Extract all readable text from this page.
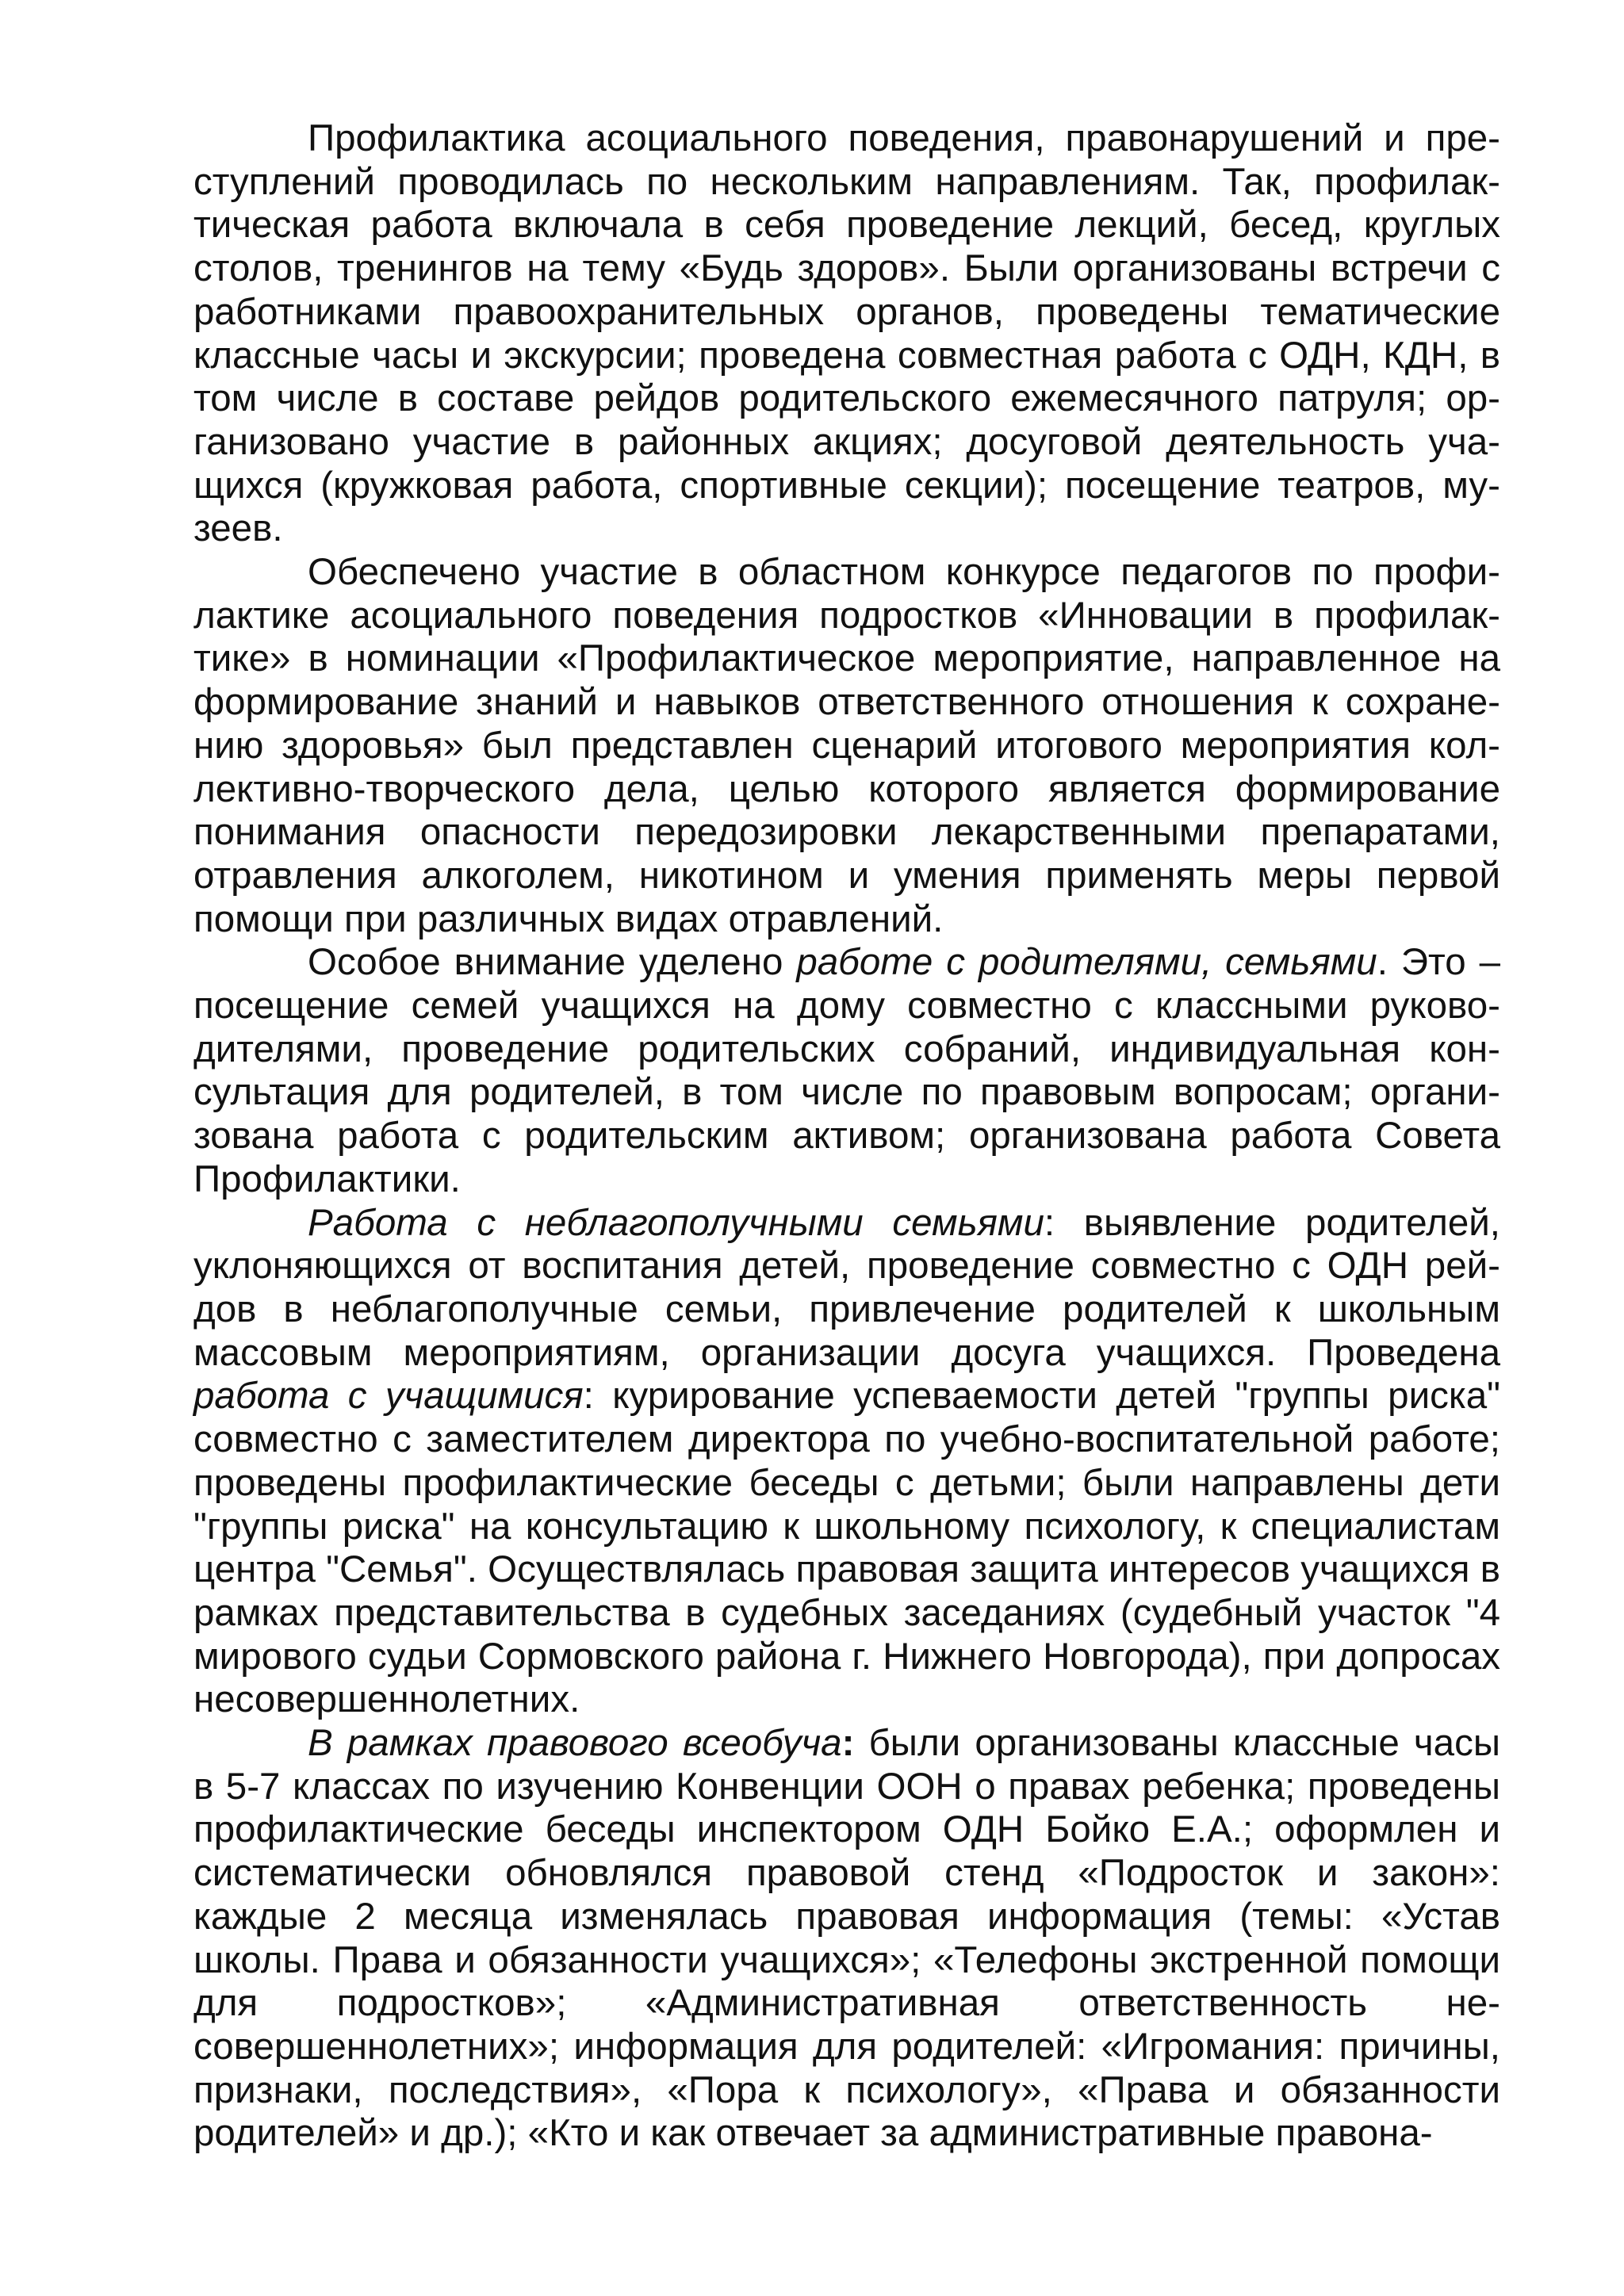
Профилактика асоциального поведения, правонарушений и преступлений проводилась по нескольким направлениям. Так, профилактическая работа включала в себя проведение лекций, бесед, круглых столов, тренингов на тему «Будь здоров». Были организованы встречи с работниками правоохранительных органов, проведены тематические классные часы и экскурсии; проведена совместная работа с ОДН, КДН, в том числе в составе рейдов родительского ежемесячного патруля; организовано участие в районных акциях; досуговой деятельность учащихся (кружковая работа, спортивные секции); посещение театров, музеев.

Обеспечено участие в областном конкурсе педагогов по профилактике асоциального поведения подростков «Инновации в профилактике» в номинации «Профилактическое мероприятие, направленное на формирование знаний и навыков ответственного отношения к сохранению здоровья» был представлен сценарий итогового мероприятия коллективно-творческого дела, целью которого является формирование понимания опасности передозировки лекарственными препаратами, отравления алкоголем, никотином и умения применять меры первой помощи при различных видах отравлений.

Особое внимание уделено работе с родителями, семьями. Это – посещение семей учащихся на дому совместно с классными руководителями, проведение родительских собраний, индивидуальная консультация для родителей, в том числе по правовым вопросам; организована работа с родительским активом; организована работа Совета Профилактики.

Работа с неблагополучными семьями: выявление родителей, уклоняющихся от воспитания детей, проведение совместно с ОДН рейдов в неблагополучные семьи, привлечение родителей к школьным массовым мероприятиям, организации досуга учащихся. Проведена работа с учащимися: курирование успеваемости детей "группы риска" совместно с заместителем директора по учебно-воспитательной работе; проведены профилактические беседы с детьми; были направлены дети "группы риска" на консультацию к школьному психологу, к специалистам центра "Семья". Осуществлялась правовая защита интересов учащихся в рамках представительства в судебных заседаниях (судебный участок "4 мирового судьи Сормовского района г. Нижнего Новгорода), при допросах несовершеннолетних.

В рамках правового всеобуча: были организованы классные часы в 5-7 классах по изучению Конвенции ООН о правах ребенка; проведены профилактические беседы инспектором ОДН Бойко Е.А.; оформлен и систематически обновлялся правовой стенд «Подросток и закон»: каждые 2 месяца изменялась правовая информация (темы: «Устав школы. Права и обязанности учащихся»; «Телефоны экстренной помощи для подростков»; «Административная ответственность несовершеннолетних»; информация для родителей: «Игромания: причины, признаки, последствия», «Пора к психологу», «Права и обязанности родителей» и др.); «Кто и как отвечает за административные правона-
